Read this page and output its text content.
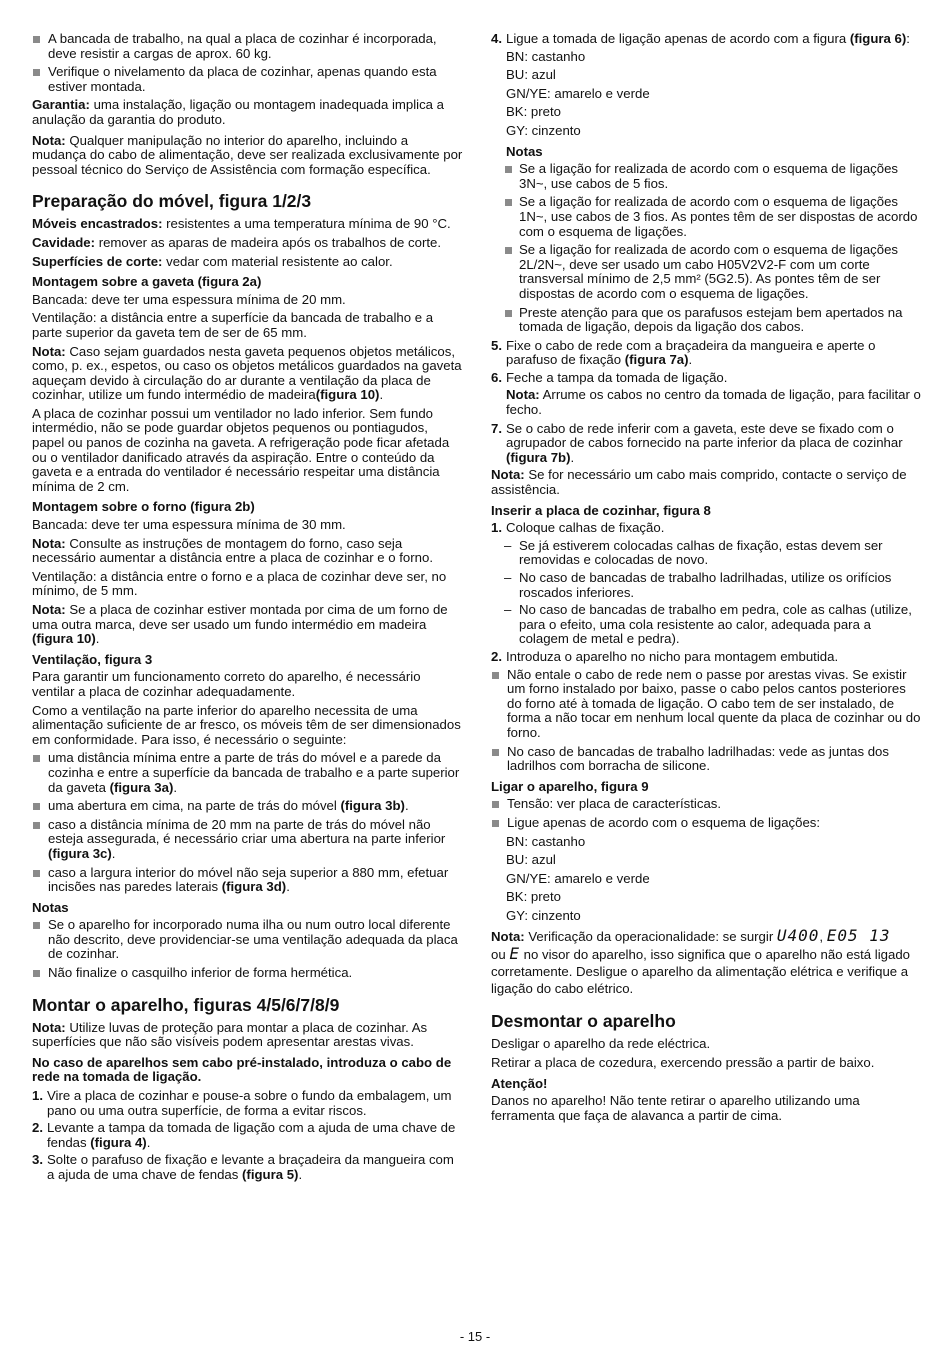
A bancada de trabalho, na qual a placa de cozinhar é incorporada, deve resistir a cargas de aprox. 60 kg.
Verifique o nivelamento da placa de cozinhar, apenas quando esta estiver montada.

Garantia: uma instalação, ligação ou montagem inadequada implica a anulação da garantia do produto.

Nota: Qualquer manipulação no interior do aparelho, incluindo a mudança do cabo de alimentação, deve ser realizada exclusivamente por pessoal técnico do Serviço de Assistência com formação específica.

Preparação do móvel, figura 1/2/3

Móveis encastrados: resistentes a uma temperatura mínima de 90 °C.

Cavidade: remover as aparas de madeira após os trabalhos de corte.

Superfícies de corte: vedar com material resistente ao calor.

Montagem sobre a gaveta (figura 2a)

Bancada: deve ter uma espessura mínima de 20 mm.

Ventilação: a distância entre a superfície da bancada de trabalho e a parte superior da gaveta tem de ser de 65 mm.

Nota: Caso sejam guardados nesta gaveta pequenos objetos metálicos, como, p. ex., espetos, ou caso os objetos metálicos guardados na gaveta aqueçam devido à circulação do ar durante a ventilação da placa de cozinhar, utilize um fundo intermédio de madeira(figura 10).

A placa de cozinhar possui um ventilador no lado inferior. Sem fundo intermédio, não se pode guardar objetos pequenos ou pontiagudos, papel ou panos de cozinha na gaveta. A refrigeração pode ficar afetada ou o ventilador danificado através da aspiração. Entre o conteúdo da gaveta e a entrada do ventilador é necessário respeitar uma distância mínima de 2 cm.

Montagem sobre o forno (figura 2b)

Bancada: deve ter uma espessura mínima de 30 mm.

Nota: Consulte as instruções de montagem do forno, caso seja necessário aumentar a distância entre a placa de cozinhar e o forno.

Ventilação: a distância entre o forno e a placa de cozinhar deve ser, no mínimo, de 5 mm.

Nota: Se a placa de cozinhar estiver montada por cima de um forno de uma outra marca, deve ser usado um fundo intermédio em madeira (figura 10).

Ventilação, figura 3

Para garantir um funcionamento correto do aparelho, é necessário ventilar a placa de cozinhar adequadamente.

Como a ventilação na parte inferior do aparelho necessita de uma alimentação suficiente de ar fresco, os móveis têm de ser dimensionados em conformidade. Para isso, é necessário o seguinte:

uma distância mínima entre a parte de trás do móvel e a parede da cozinha e entre a superfície da bancada de trabalho e a parte superior da gaveta (figura 3a).
uma abertura em cima, na parte de trás do móvel (figura 3b).
caso a distância mínima de 20 mm na parte de trás do móvel não esteja assegurada, é necessário criar uma abertura na parte inferior (figura 3c).
caso a largura interior do móvel não seja superior a 880 mm, efetuar incisões nas paredes laterais (figura 3d).
Notas
Se o aparelho for incorporado numa ilha ou num outro local diferente não descrito, deve providenciar-se uma ventilação adequada da placa de cozinhar.
Não finalize o casquilho inferior de forma hermética.
Montar o aparelho, figuras 4/5/6/7/8/9

Nota: Utilize luvas de proteção para montar a placa de cozinhar. As superfícies que não são visíveis podem apresentar arestas vivas.

No caso de aparelhos sem cabo pré-instalado, introduza o cabo de rede na tomada de ligação.

1. Vire a placa de cozinhar e pouse-a sobre o fundo da embalagem, um pano ou uma outra superfície, de forma a evitar riscos.
2. Levante a tampa da tomada de ligação com a ajuda de uma chave de fendas (figura 4).
3. Solte o parafuso de fixação e levante a braçadeira da mangueira com a ajuda de uma chave de fendas (figura 5).
4. Ligue a tomada de ligação apenas de acordo com a figura (figura 6):
BN: castanho
BU: azul
GN/YE: amarelo e verde
BK: preto
GY: cinzento
Notas
Se a ligação for realizada de acordo com o esquema de ligações 3N~, use cabos de 5 fios.
Se a ligação for realizada de acordo com o esquema de ligações 1N~, use cabos de 3 fios. As pontes têm de ser dispostas de acordo com o esquema de ligações.
Se a ligação for realizada de acordo com o esquema de ligações 2L/2N~, deve ser usado um cabo H05V2V2-F com um corte transversal mínimo de 2,5 mm² (5G2.5). As pontes têm de ser dispostas de acordo com o esquema de ligações.
Preste atenção para que os parafusos estejam bem apertados na tomada de ligação, depois da ligação dos cabos.
5. Fixe o cabo de rede com a braçadeira da mangueira e aperte o parafuso de fixação (figura 7a).
6. Feche a tampa da tomada de ligação.

Nota: Arrume os cabos no centro da tomada de ligação, para facilitar o fecho.

7. Se o cabo de rede inferir com a gaveta, este deve se fixado com o agrupador de cabos fornecido na parte inferior da placa de cozinhar (figura 7b).

Nota: Se for necessário um cabo mais comprido, contacte o serviço de assistência.

Inserir a placa de cozinhar, figura 8
1. Coloque calhas de fixação.
– Se já estiverem colocadas calhas de fixação, estas devem ser removidas e colocadas de novo.
– No caso de bancadas de trabalho ladrilhadas, utilize os orifícios roscados inferiores.
– No caso de bancadas de trabalho em pedra, cole as calhas (utilize, para o efeito, uma cola resistente ao calor, adequada para a colagem de metal e pedra).
2. Introduza o aparelho no nicho para montagem embutida.
Não entale o cabo de rede nem o passe por arestas vivas. Se existir um forno instalado por baixo, passe o cabo pelos cantos posteriores do forno até à tomada de ligação. O cabo tem de ser instalado, de forma a não tocar em nenhum local quente da placa de cozinhar ou do forno.
No caso de bancadas de trabalho ladrilhadas: vede as juntas dos ladrilhos com borracha de silicone.
Ligar o aparelho, figura 9
Tensão: ver placa de características.
Ligue apenas de acordo com o esquema de ligações:
BN: castanho
BU: azul
GN/YE: amarelo e verde
BK: preto
GY: cinzento

Nota: Verificação da operacionalidade: se surgir U400, E05 13
ou E no visor do aparelho, isso significa que o aparelho não está ligado corretamente. Desligue o aparelho da alimentação elétrica e verifique a ligação do cabo elétrico.

Desmontar o aparelho

Desligar o aparelho da rede eléctrica.

Retirar a placa de cozedura, exercendo pressão a partir de baixo.

Atenção!

Danos no aparelho! Não tente retirar o aparelho utilizando uma ferramenta que faça de alavanca a partir de cima.

- 15 -
